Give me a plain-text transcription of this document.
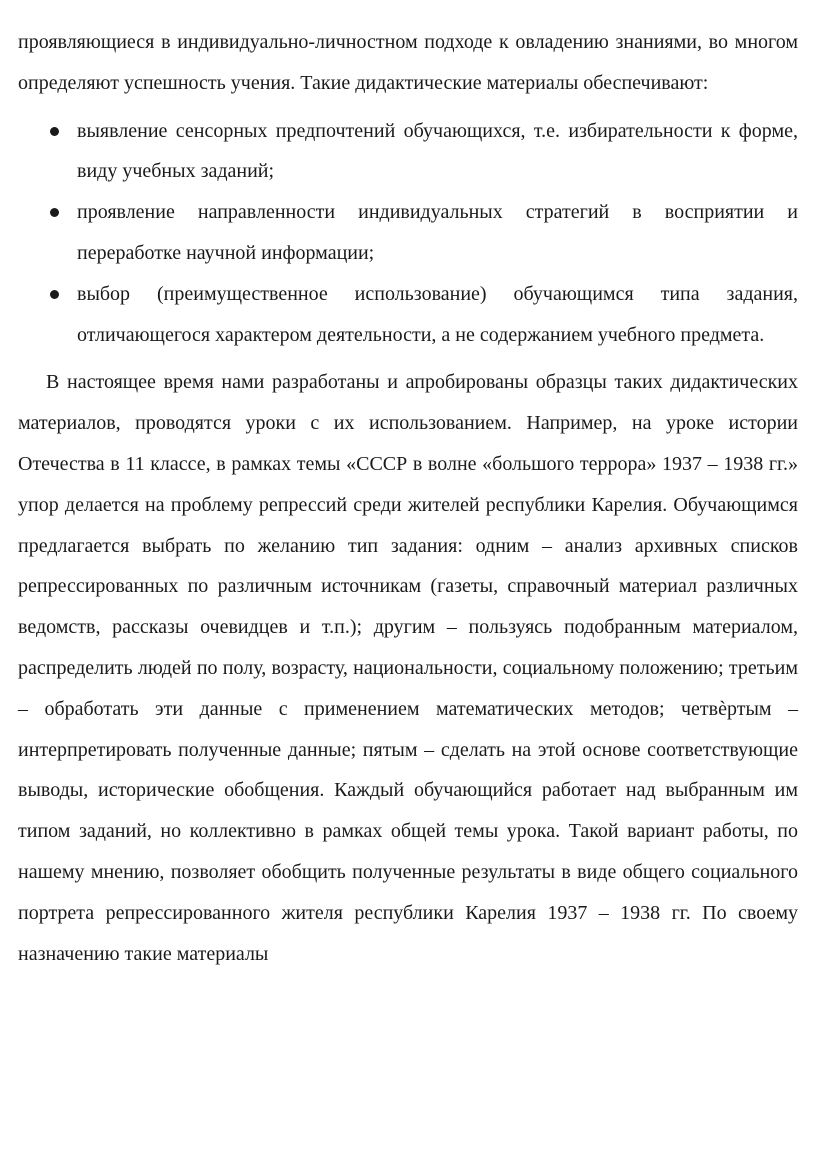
проявляющиеся в индивидуально-личностном подходе к овладению знаниями, во многом определяют успешность учения. Такие дидактические материалы обеспечивают:

выявление сенсорных предпочтений обучающихся, т.е. избирательности к форме, виду учебных заданий;
проявление направленности индивидуальных стратегий в восприятии и переработке научной информации;
выбор (преимущественное использование) обучающимся типа задания, отличающегося характером деятельности, а не содержанием учебного предмета.

В настоящее время нами разработаны и апробированы образцы таких дидактических материалов, проводятся уроки с их использованием. Например, на уроке истории Отечества в 11 классе, в рамках темы «СССР в волне «большого террора» 1937 – 1938 гг.» упор делается на проблему репрессий среди жителей республики Карелия. Обучающимся предлагается выбрать по желанию тип задания: одним – анализ архивных списков репрессированных по различным источникам (газеты, справочный материал различных ведомств, рассказы очевидцев и т.п.); другим – пользуясь подобранным материалом, распределить людей по полу, возрасту, национальности, социальному положению; третьим – обработать эти данные с применением математических методов; четвѐртым – интерпретировать полученные данные; пятым – сделать на этой основе соответствующие выводы, исторические обобщения. Каждый обучающийся работает над выбранным им типом заданий, но коллективно в рамках общей темы урока. Такой вариант работы, по нашему мнению, позволяет обобщить полученные результаты в виде общего социального портрета репрессированного жителя республики Карелия 1937 – 1938 гг. По своему назначению такие материалы
